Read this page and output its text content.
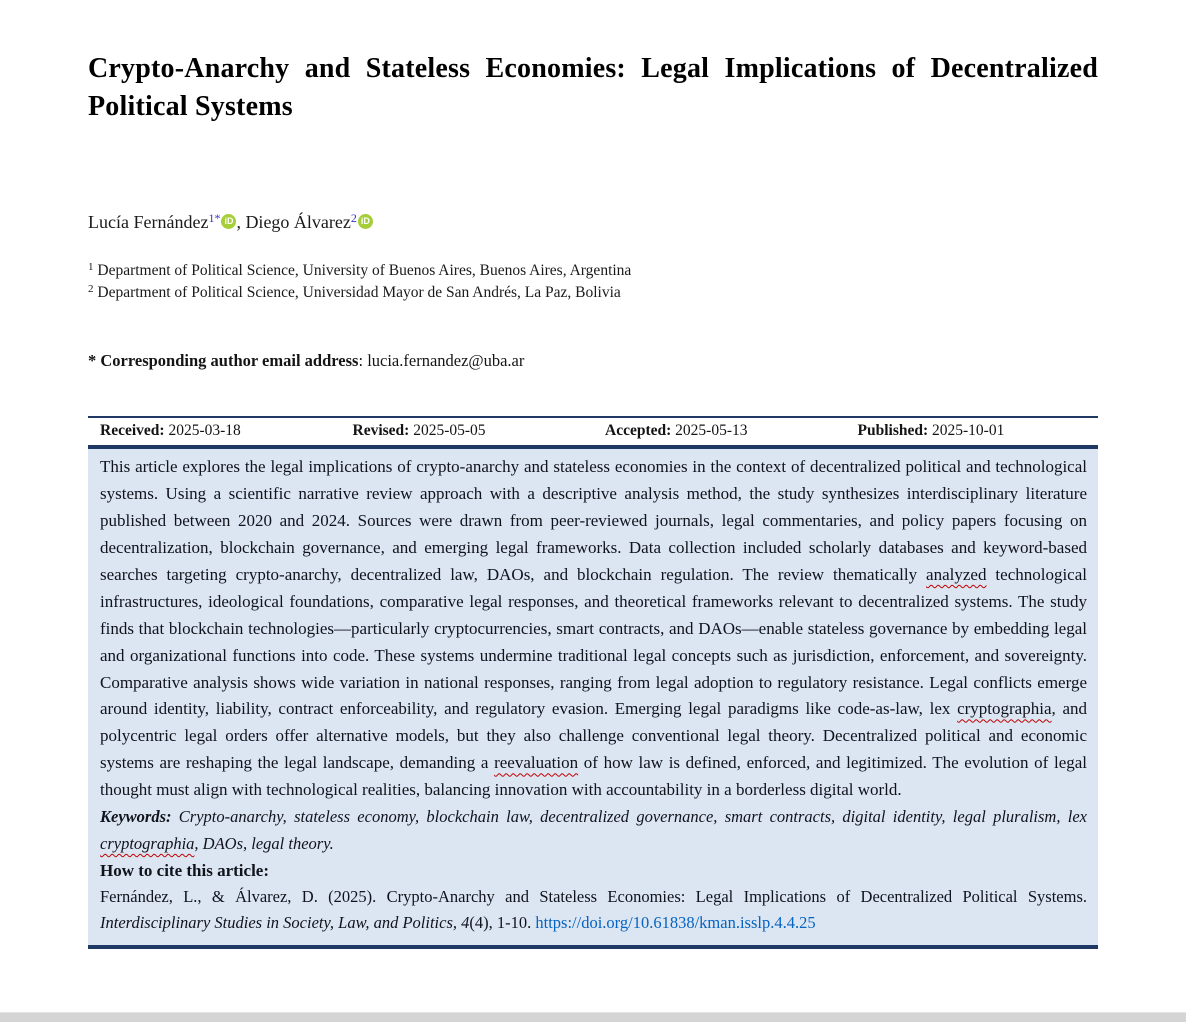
Crypto-Anarchy and Stateless Economies: Legal Implications of Decentralized Political Systems
Lucía Fernández$^{1*}$ iD , Diego Álvarez$^2$ iD
$^1$ Department of Political Science, University of Buenos Aires, Buenos Aires, Argentina
$^2$ Department of Political Science, Universidad Mayor de San Andrés, La Paz, Bolivia
* Corresponding author email address: lucia.fernandez@uba.ar
Received: 2025-03-18	Revised: 2025-05-05	Accepted: 2025-05-13	Published: 2025-10-01
This article explores the legal implications of crypto-anarchy and stateless economies in the context of decentralized political and technological systems. Using a scientific narrative review approach with a descriptive analysis method, the study synthesizes interdisciplinary literature published between 2020 and 2024. Sources were drawn from peer-reviewed journals, legal commentaries, and policy papers focusing on decentralization, blockchain governance, and emerging legal frameworks. Data collection included scholarly databases and keyword-based searches targeting crypto-anarchy, decentralized law, DAOs, and blockchain regulation. The review thematically analyzed technological infrastructures, ideological foundations, comparative legal responses, and theoretical frameworks relevant to decentralized systems. The study finds that blockchain technologies—particularly cryptocurrencies, smart contracts, and DAOs—enable stateless governance by embedding legal and organizational functions into code. These systems undermine traditional legal concepts such as jurisdiction, enforcement, and sovereignty. Comparative analysis shows wide variation in national responses, ranging from legal adoption to regulatory resistance. Legal conflicts emerge around identity, liability, contract enforceability, and regulatory evasion. Emerging legal paradigms like code-as-law, lex cryptographia, and polycentric legal orders offer alternative models, but they also challenge conventional legal theory. Decentralized political and economic systems are reshaping the legal landscape, demanding a reevaluation of how law is defined, enforced, and legitimized. The evolution of legal thought must align with technological realities, balancing innovation with accountability in a borderless digital world.
Keywords: Crypto-anarchy, stateless economy, blockchain law, decentralized governance, smart contracts, digital identity, legal pluralism, lex cryptographia, DAOs, legal theory.
How to cite this article:
Fernández, L., & Álvarez, D. (2025). Crypto-Anarchy and Stateless Economies: Legal Implications of Decentralized Political Systems. Interdisciplinary Studies in Society, Law, and Politics, 4(4), 1-10. https://doi.org/10.61838/kman.isslp.4.4.25
